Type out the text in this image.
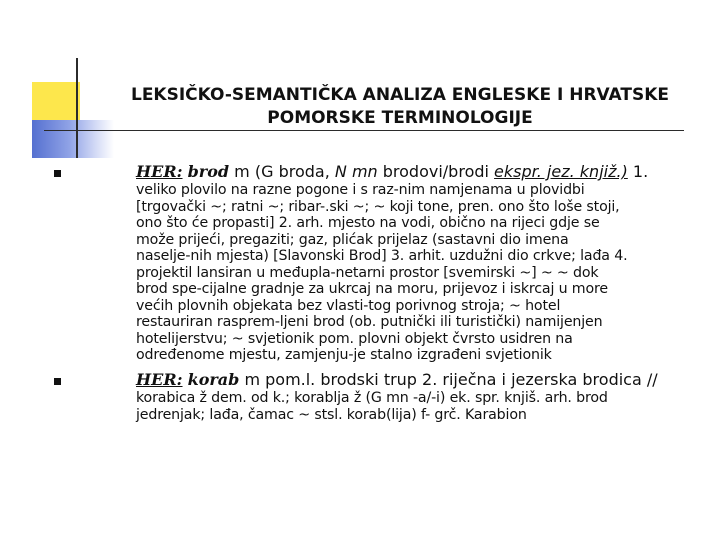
LEKSIČKO-SEMANTIČKA ANALIZA ENGLESKE I HRVATSKE
POMORSKE TERMINOLOGIJE
HER: brod m (G broda, N mn brodovi/brodi ekspr. jez. knjiž.) 1.
veliko plovilo na razne pogone i s raz-nim namjenama u plovidbi
[trgovački ~; ratni ~; ribar-.ski ~; ~ koji tone, pren. ono što loše stoji,
ono što će propasti] 2. arh. mjesto na vodi, obično na rijeci gdje se
može prijeći, pregaziti; gaz, plićak prijelaz (sastavni dio imena
naselje-nih mjesta) [Slavonski Brod] 3. arhit. uzdužni dio crkve; lađa 4.
projektil lansiran u međupla-netarni prostor [svemirski ~] ~ ~ dok
brod spe-cijalne gradnje za ukrcaj na moru, prijevoz i iskrcaj u more
većih plovnih objekata bez vlasti-tog porivnog stroja; ~ hotel
restauriran rasprem-ljeni brod (ob. putnički ili turistički) namijenjen
hotelijerstvu; ~ svjetionik pom. plovni objekt čvrsto usidren na
određenome mjestu, zamjenju-je stalno izgrađeni svjetionik
HER: korab m pom.l. brodski trup 2. riječna i jezerska brodica //
korabica ž dem. od k.; korablja ž (G mn -a/-i) ek. spr. knjiš. arh. brod
jedrenjak; lađa, čamac ~ stsl. korab(lija) f- grč. Karabion
